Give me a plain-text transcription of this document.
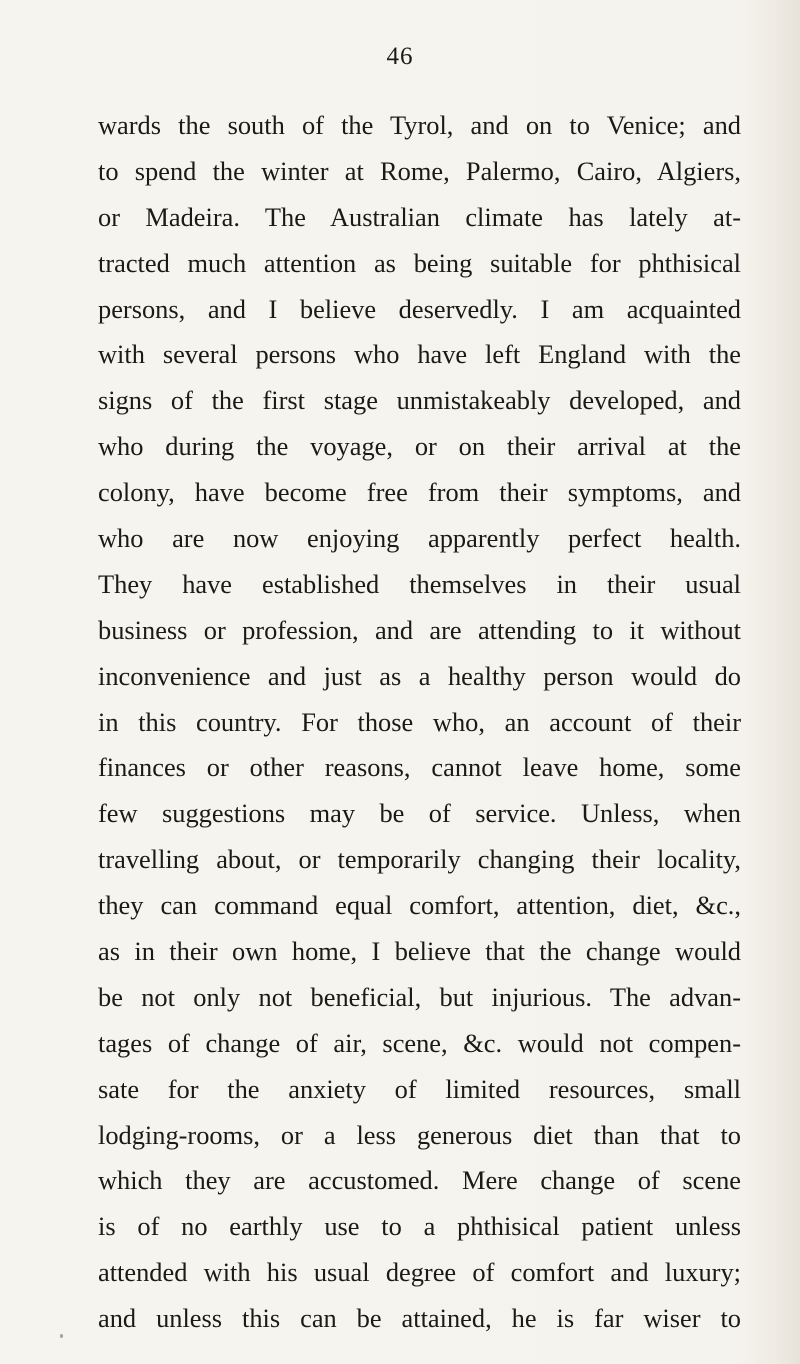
46
wards the south of the Tyrol, and on to Venice; and
to spend the winter at Rome, Palermo, Cairo, Algiers,
or Madeira. The Australian climate has lately at-
tracted much attention as being suitable for phthisical
persons, and I believe deservedly. I am acquainted
with several persons who have left England with the
signs of the first stage unmistakeably developed, and
who during the voyage, or on their arrival at the
colony, have become free from their symptoms, and
who are now enjoying apparently perfect health.
They have established themselves in their usual
business or profession, and are attending to it without
inconvenience and just as a healthy person would do
in this country. For those who, an account of their
finances or other reasons, cannot leave home, some
few suggestions may be of service. Unless, when
travelling about, or temporarily changing their locality,
they can command equal comfort, attention, diet, &c.,
as in their own home, I believe that the change would
be not only not beneficial, but injurious. The advan-
tages of change of air, scene, &c. would not compen-
sate for the anxiety of limited resources, small
lodging-rooms, or a less generous diet than that to
which they are accustomed. Mere change of scene
is of no earthly use to a phthisical patient unless
attended with his usual degree of comfort and luxury;
and unless this can be attained, he is far wiser to
